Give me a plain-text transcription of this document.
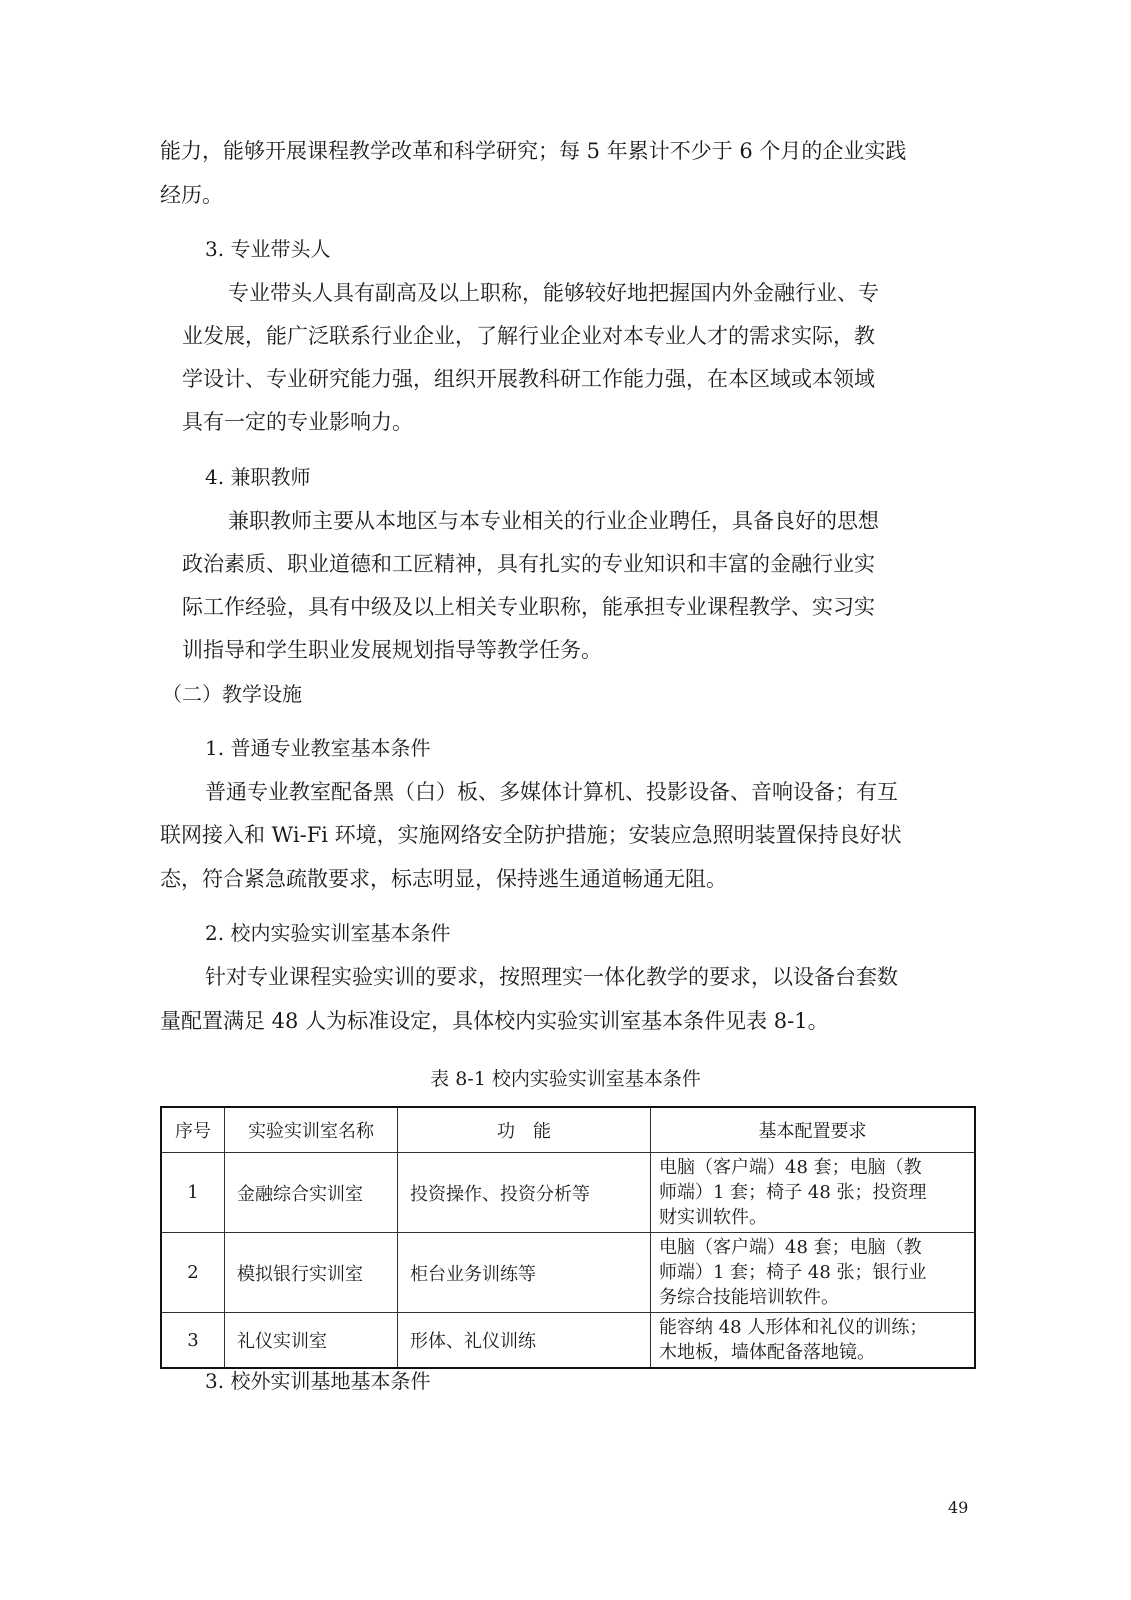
能力，能够开展课程教学改革和科学研究；每 5 年累计不少于 6 个月的企业实践
经历。
3. 专业带头人
专业带头人具有副高及以上职称，能够较好地把握国内外金融行业、专
业发展，能广泛联系行业企业，了解行业企业对本专业人才的需求实际，教
学设计、专业研究能力强，组织开展教科研工作能力强，在本区域或本领域
具有一定的专业影响力。
4. 兼职教师
兼职教师主要从本地区与本专业相关的行业企业聘任，具备良好的思想
政治素质、职业道德和工匠精神，具有扎实的专业知识和丰富的金融行业实
际工作经验，具有中级及以上相关专业职称，能承担专业课程教学、实习实
训指导和学生职业发展规划指导等教学任务。
（二）教学设施
1. 普通专业教室基本条件
普通专业教室配备黑（白）板、多媒体计算机、投影设备、音响设备；有互
联网接入和 Wi-Fi 环境，实施网络安全防护措施；安装应急照明装置保持良好状
态，符合紧急疏散要求，标志明显，保持逃生通道畅通无阻。
2. 校内实验实训室基本条件
针对专业课程实验实训的要求，按照理实一体化教学的要求，以设备台套数
量配置满足 48 人为标准设定，具体校内实验实训室基本条件见表 8-1。
表 8-1 校内实验实训室基本条件
序号	实验实训室名称	功　能	基本配置要求
1	金融综合实训室	投资操作、投资分析等	电脑（客户端）48 套；电脑（教
师端）1 套；椅子 48 张；投资理
财实训软件。

2	模拟银行实训室	柜台业务训练等	电脑（客户端）48 套；电脑（教
师端）1 套；椅子 48 张；银行业
务综合技能培训软件。

3	礼仪实训室	形体、礼仪训练	能容纳 48 人形体和礼仪的训练；
木地板，墙体配备落地镜。
3. 校外实训基地基本条件
49
